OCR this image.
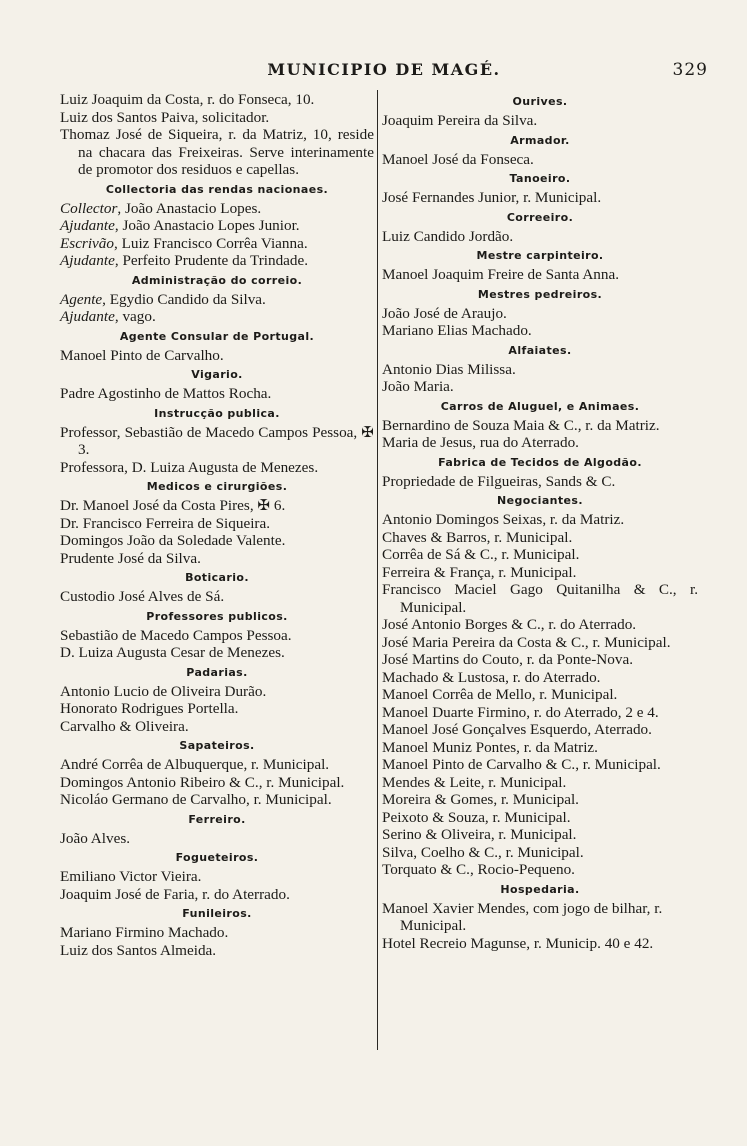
MUNICIPIO DE MAGÉ.	329
Luiz Joaquim da Costa, r. do Fonseca, 10.
Luiz dos Santos Paiva, solicitador.
Thomaz José de Siqueira, r. da Matriz, 10, reside na chacara das Freixeiras. Serve interinamente de promotor dos residuos e capellas.
Collectoria das rendas nacionaes.
Collector, João Anastacio Lopes.
Ajudante, João Anastacio Lopes Junior.
Escrivão, Luiz Francisco Corrêa Vianna.
Ajudante, Perfeito Prudente da Trindade.
Administração do correio.
Agente, Egydio Candido da Silva.
Ajudante, vago.
Agente Consular de Portugal.
Manoel Pinto de Carvalho.
Vigario.
Padre Agostinho de Mattos Rocha.
Instrucção publica.
Professor, Sebastião de Macedo Campos Pessoa, ✠ 3.
Professora, D. Luiza Augusta de Menezes.
Medicos e cirurgiões.
Dr. Manoel José da Costa Pires, ✠ 6.
Dr. Francisco Ferreira de Siqueira.
Domingos João da Soledade Valente.
Prudente José da Silva.
Boticario.
Custodio José Alves de Sá.
Professores publicos.
Sebastião de Macedo Campos Pessoa.
D. Luiza Augusta Cesar de Menezes.
Padarias.
Antonio Lucio de Oliveira Durão.
Honorato Rodrigues Portella.
Carvalho & Oliveira.
Sapateiros.
André Corrêa de Albuquerque, r. Municipal.
Domingos Antonio Ribeiro & C., r. Municipal.
Nicoláo Germano de Carvalho, r. Municipal.
Ferreiro.
João Alves.
Fogueteiros.
Emiliano Victor Vieira.
Joaquim José de Faria, r. do Aterrado.
Funileiros.
Mariano Firmino Machado.
Luiz dos Santos Almeida.
Ourives.
Joaquim Pereira da Silva.
Armador.
Manoel José da Fonseca.
Tanoeiro.
José Fernandes Junior, r. Municipal.
Correeiro.
Luiz Candido Jordão.
Mestre carpinteiro.
Manoel Joaquim Freire de Santa Anna.
Mestres pedreiros.
João José de Araujo.
Mariano Elias Machado.
Alfaiates.
Antonio Dias Milissa.
João Maria.
Carros de Aluguel, e Animaes.
Bernardino de Souza Maia & C., r. da Matriz.
Maria de Jesus, rua do Aterrado.
Fabrica de Tecidos de Algodão.
Propriedade de Filgueiras, Sands & C.
Negociantes.
Antonio Domingos Seixas, r. da Matriz.
Chaves & Barros, r. Municipal.
Corrêa de Sá & C., r. Municipal.
Ferreira & França, r. Municipal.
Francisco Maciel Gago Quitanilha & C., r. Municipal.
José Antonio Borges & C., r. do Aterrado.
José Maria Pereira da Costa & C., r. Municipal.
José Martins do Couto, r. da Ponte-Nova.
Machado & Lustosa, r. do Aterrado.
Manoel Corrêa de Mello, r. Municipal.
Manoel Duarte Firmino, r. do Aterrado, 2 e 4.
Manoel José Gonçalves Esquerdo, Aterrado.
Manoel Muniz Pontes, r. da Matriz.
Manoel Pinto de Carvalho & C., r. Municipal.
Mendes & Leite, r. Municipal.
Moreira & Gomes, r. Municipal.
Peixoto & Souza, r. Municipal.
Serino & Oliveira, r. Municipal.
Silva, Coelho & C., r. Municipal.
Torquato & C., Rocio-Pequeno.
Hospedaria.
Manoel Xavier Mendes, com jogo de bilhar, r. Municipal.
Hotel Recreio Magunse, r. Municip. 40 e 42.
